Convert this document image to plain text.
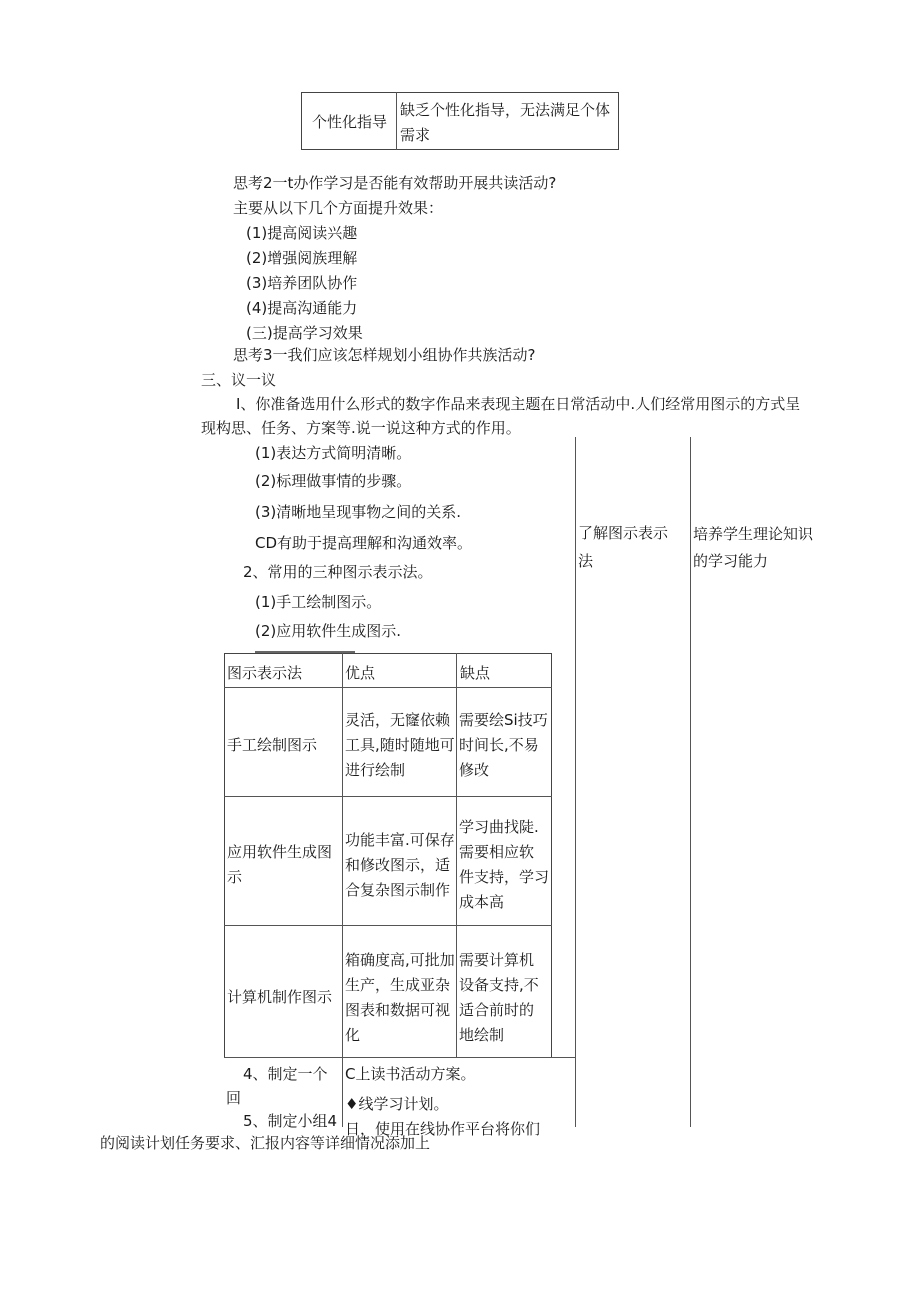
个性化指导
缺乏个性化指导，无法满足个体
需求
思考2一t办作学习是否能有效帮助开展共读活动?
主要从以下几个方面提升效果：
(1)提高阅读兴趣
(2)增强阅族理解
(3)培养团队协作
(4)提高沟通能力
(三)提高学习效果
思考3一我们应该怎样规划小组协作共族活动?
三、议一议
I、你准备选用什么形式的数字作品来表现主题在日常活动中.人们经常用图示的方式呈
现构思、任务、方案等.说一说这种方式的作用。
(1)表达方式简明清晰。
(2)标理做事情的步骤。
(3)清晰地呈现事物之间的关系.
CD有助于提高理解和沟通效率。
2、常用的三种图示表示法。
(1)手工绘制图示。
(2)应用软件生成图示.
了解图示表示
法
培养学生理论知识
的学习能力
图示表示法	优点	缺点
手工绘制图示
灵活，无窿依赖
工具,随时随地可
进行绘制
需要绘Si技巧
时间长,不易
修改
应用软件生成图
示
功能丰富.可保存
和修改图示，适
合复杂图示制作
学习曲找陡.
需要相应软
件支持，学习
成本高
计算机制作图示
箱确度高,可批加
生产，生成亚杂
图表和数据可视
化
需要计算机
设备支持,不
适合前时的
地绘制
4、制定一个
回
C上读书活动方案。
♦线学习计划。
5、制定小组4 日，使用在线协作平台将你们
的阅读计划任务要求、汇报内容等详细情况添加上
